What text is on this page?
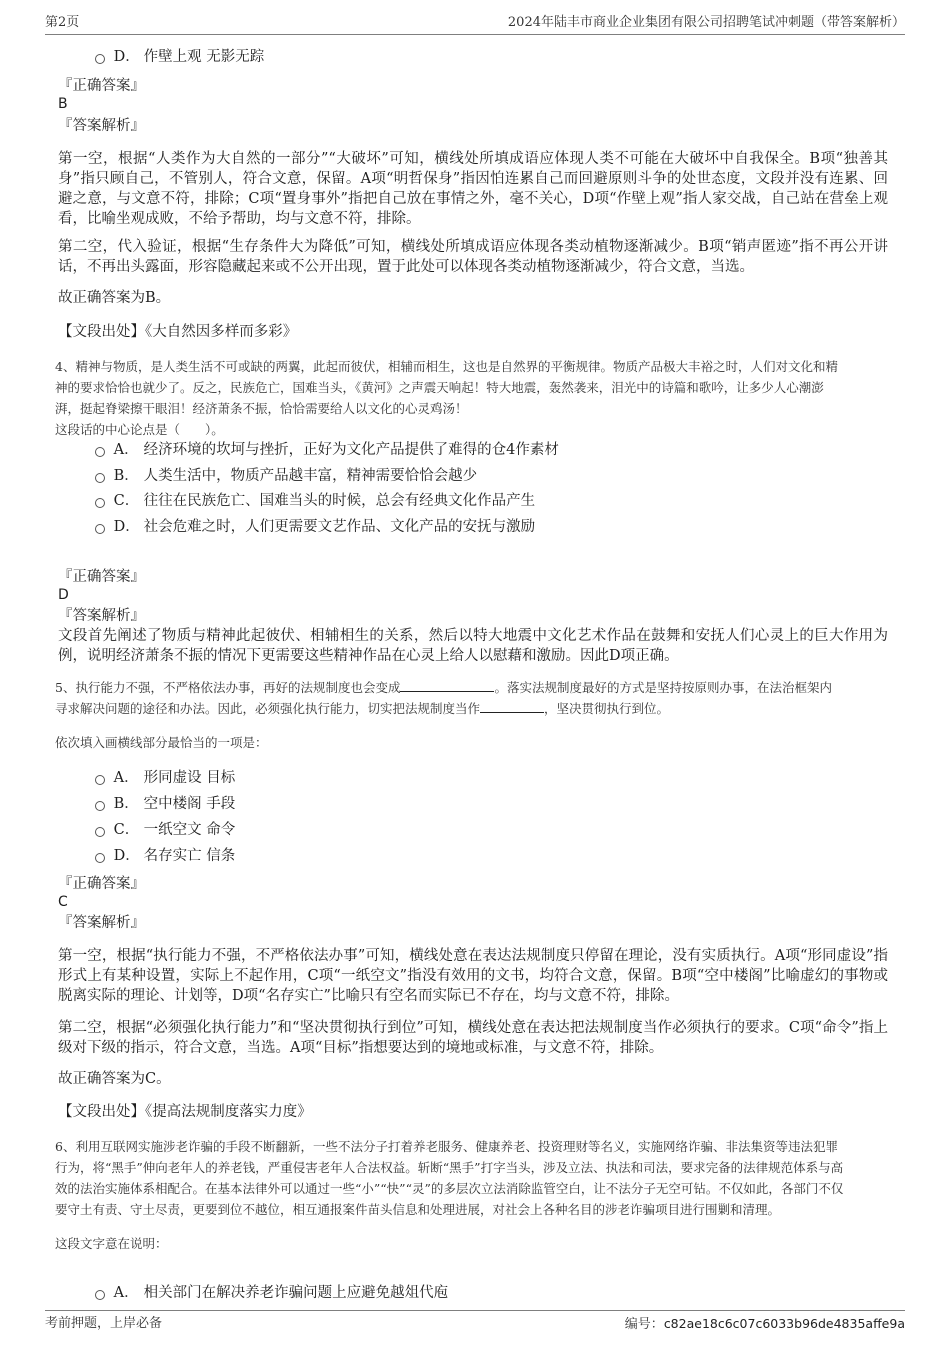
第2页	2024年陆丰市商业企业集团有限公司招聘笔试冲刺题（带答案解析）
D． 作壁上观 无影无踪
『正确答案』
B
『答案解析』
第一空，根据“人类作为大自然的一部分”“大破坏”可知，横线处所填成语应体现人类不可能在大破坏中自我保全。B项“独善其身”指只顾自己，不管别人，符合文意，保留。A项“明哲保身”指因怕连累自己而回避原则斗争的处世态度，文段并没有连累、回避之意，与文意不符，排除；C项“置身事外”指把自己放在事情之外，毫不关心，D项“作壁上观”指人家交战，自己站在营垒上观看，比喻坐观成败，不给予帮助，均与文意不符，排除。
第二空，代入验证，根据“生存条件大为降低”可知，横线处所填成语应体现各类动植物逐渐减少。B项“销声匿迹”指不再公开讲话，不再出头露面，形容隐藏起来或不公开出现，置于此处可以体现各类动植物逐渐减少，符合文意，当选。
故正确答案为B。
【文段出处】《大自然因多样而多彩》
4、精神与物质，是人类生活不可或缺的两翼，此起而彼伏，相辅而相生，这也是自然界的平衡规律。物质产品极大丰裕之时，人们对文化和精
神的要求恰恰也就少了。反之，民族危亡，国难当头，《黄河》之声震天响起！特大地震，轰然袭来，泪光中的诗篇和歌吟，让多少人心潮澎
湃，挺起脊梁擦干眼泪！经济萧条不振，恰恰需要给人以文化的心灵鸡汤！
这段话的中心论点是（　　）。
A． 经济环境的坎坷与挫折，正好为文化产品提供了难得的仓4作素材
B． 人类生活中，物质产品越丰富，精神需要恰恰会越少
C． 往往在民族危亡、国难当头的时候，总会有经典文化作品产生
D． 社会危难之时，人们更需要文艺作品、文化产品的安抚与激励
『正确答案』
D
『答案解析』
文段首先阐述了物质与精神此起彼伏、相辅相生的关系，然后以特大地震中文化艺术作品在鼓舞和安抚人们心灵上的巨大作用为例，说明经济萧条不振的情况下更需要这些精神作品在心灵上给人以慰藉和激励。因此D项正确。
5、执行能力不强，不严格依法办事，再好的法规制度也会变成	。落实法规制度最好的方式是坚持按原则办事，在法治框架内
寻求解决问题的途径和办法。因此，必须强化执行能力，切实把法规制度当作	，坚决贯彻执行到位。
依次填入画横线部分最恰当的一项是：
A． 形同虚设 目标
B． 空中楼阁 手段
C． 一纸空文 命令
D． 名存实亡 信条
『正确答案』
C
『答案解析』
第一空，根据“执行能力不强，不严格依法办事”可知，横线处意在表达法规制度只停留在理论，没有实质执行。A项“形同虚设”指形式上有某种设置，实际上不起作用，C项“一纸空文”指没有效用的文书，均符合文意，保留。B项“空中楼阁”比喻虚幻的事物或脱离实际的理论、计划等，D项“名存实亡”比喻只有空名而实际已不存在，均与文意不符，排除。
第二空，根据“必须强化执行能力”和“坚决贯彻执行到位”可知，横线处意在表达把法规制度当作必须执行的要求。C项“命令”指上级对下级的指示，符合文意，当选。A项“目标”指想要达到的境地或标准，与文意不符，排除。
故正确答案为C。
【文段出处】《提高法规制度落实力度》
6、利用互联网实施涉老诈骗的手段不断翻新，一些不法分子打着养老服务、健康养老、投资理财等名义，实施网络诈骗、非法集资等违法犯罪
行为，将“黑手”伸向老年人的养老钱，严重侵害老年人合法权益。斩断“黑手”打字当头，涉及立法、执法和司法，要求完备的法律规范体系与高
效的法治实施体系相配合。在基本法律外可以通过一些“小”“快”“灵”的多层次立法消除监管空白，让不法分子无空可钻。不仅如此，各部门不仅
要守土有责、守土尽责，更要到位不越位，相互通报案件苗头信息和处理进展，对社会上各种名目的涉老诈骗项目进行围剿和清理。
这段文字意在说明：
A． 相关部门在解决养老诈骗问题上应避免越俎代庖
考前押题，上岸必备	编号：c82ae18c6c07c6033b96de4835affe9a
